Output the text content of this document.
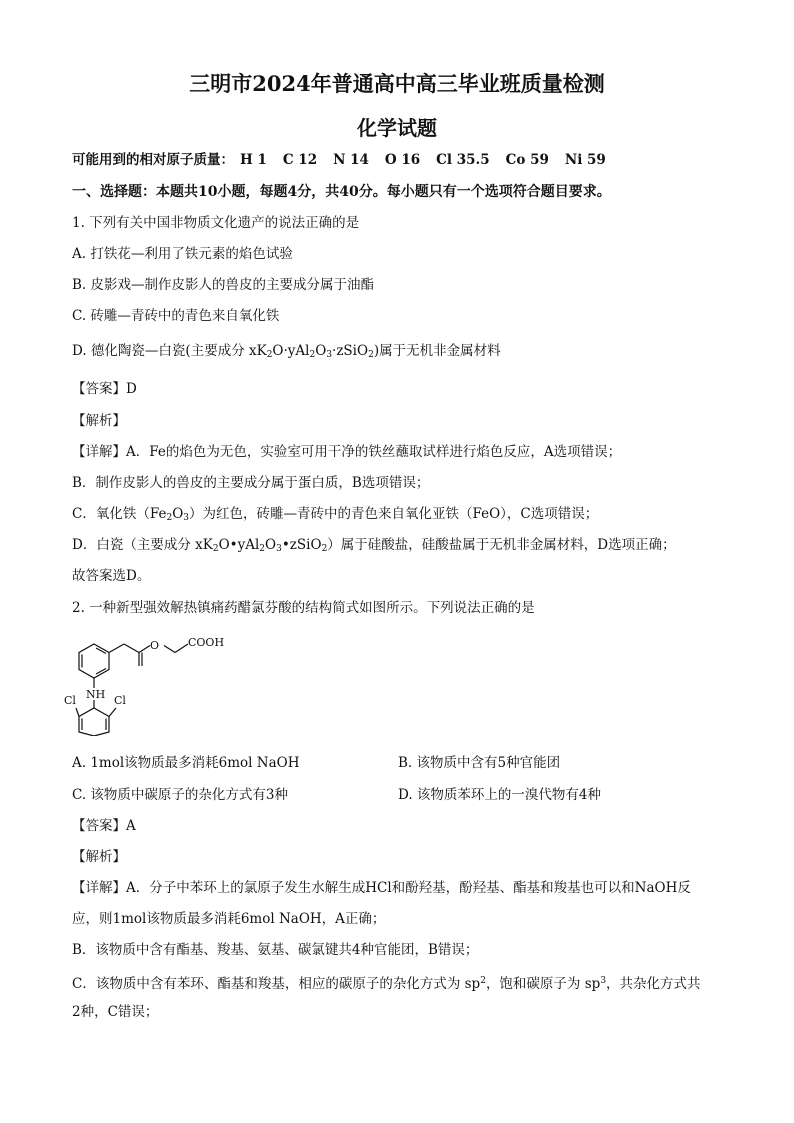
三明市2024年普通高中高三毕业班质量检测
化学试题
可能用到的相对原子质量： H 1 C 12 N 14 O 16 Cl 35.5 Co 59 Ni 59
一、选择题：本题共10小题，每题4分，共40分。每小题只有一个选项符合题目要求。
1. 下列有关中国非物质文化遗产的说法正确的是
A. 打铁花—利用了铁元素的焰色试验
B. 皮影戏—制作皮影人的兽皮的主要成分属于油酯
C. 砖雕—青砖中的青色来自氧化铁
D. 德化陶瓷—白瓷(主要成分 $xK_2O\cdot yAl_2O_3\cdot zSiO_2$)属于无机非金属材料
【答案】D
【解析】
【详解】A．Fe的焰色为无色，实验室可用干净的铁丝蘸取试样进行焰色反应，A选项错误；
B．制作皮影人的兽皮的主要成分属于蛋白质，B选项错误；
C．氧化铁$(Fe_2O_3)$为红色，砖雕—青砖中的青色来自氧化亚铁（FeO），C选项错误；
D．白瓷（主要成分 $xK_2O•yAl_2O_3•zSiO_2$）属于硅酸盐，硅酸盐属于无机非金属材料，D选项正确；
故答案选D。
2. 一种新型强效解热镇痛药醋氯芬酸的结构简式如图所示。下列说法正确的是
O	COOH
NH
Cl	Cl
A. 1mol该物质最多消耗6mol NaOH	B. 该物质中含有5种官能团
C. 该物质中碳原子的杂化方式有3种	D. 该物质苯环上的一溴代物有4种
【答案】A
【解析】
【详解】A．分子中苯环上的氯原子发生水解生成HCl和酚羟基，酚羟基、酯基和羧基也可以和NaOH反
应，则1mol该物质最多消耗6mol NaOH，A正确；
B．该物质中含有酯基、羧基、氨基、碳氯键共4种官能团，B错误；
C．该物质中含有苯环、酯基和羧基，相应的碳原子的杂化方式为 $sp^2$，饱和碳原子为 $sp^3$，共杂化方式共
2种，C错误；
